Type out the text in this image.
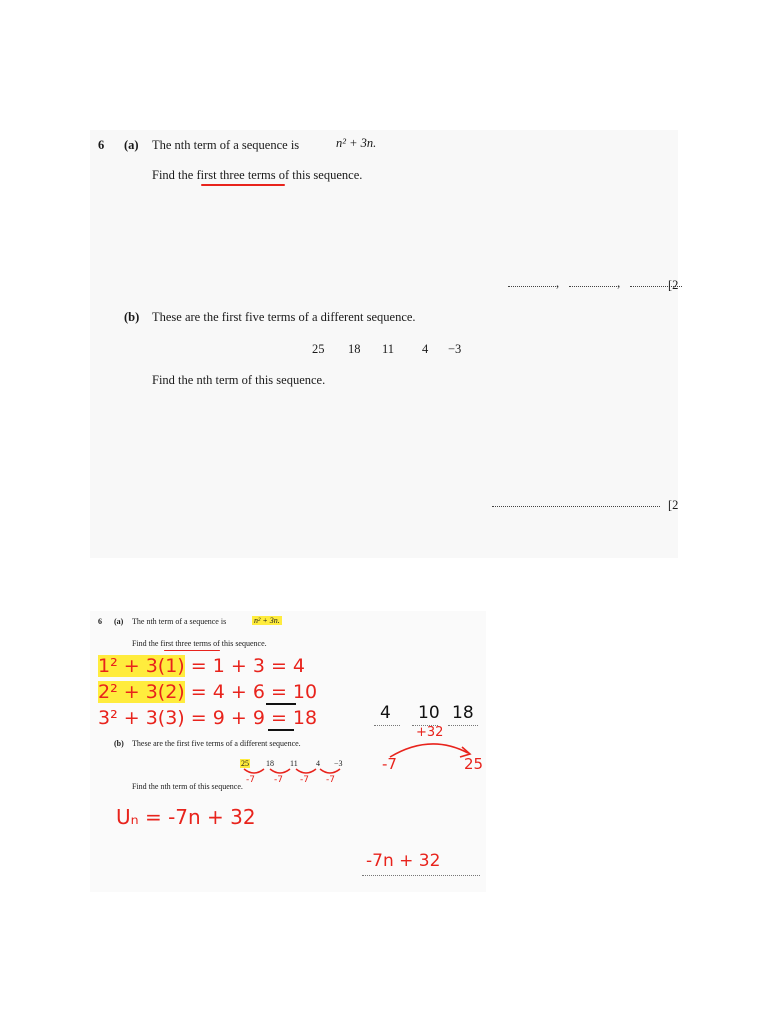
6 (a) The nth term of a sequence is	n² + 3n.
Find the first three terms of this sequence.
,	,	[2
(b) These are the first five terms of a different sequence.
25 18 11 4 −3
Find the nth term of this sequence.
[2
6 (a) The nth term of a sequence is	n² + 3n.
Find the first three terms of this sequence.
1² + 3(1) = 1 + 3 = 4
2² + 3(2) = 4 + 6 = 10
3² + 3(3) = 9 + 9 = 18
(b) These are the first five terms of a different sequence.
25 18 11 4 −3
-7 -7 -7 -7
Find the nth term of this sequence.
Uₙ = -7n + 32
4 10 18
+32
-7	25
-7n + 32
